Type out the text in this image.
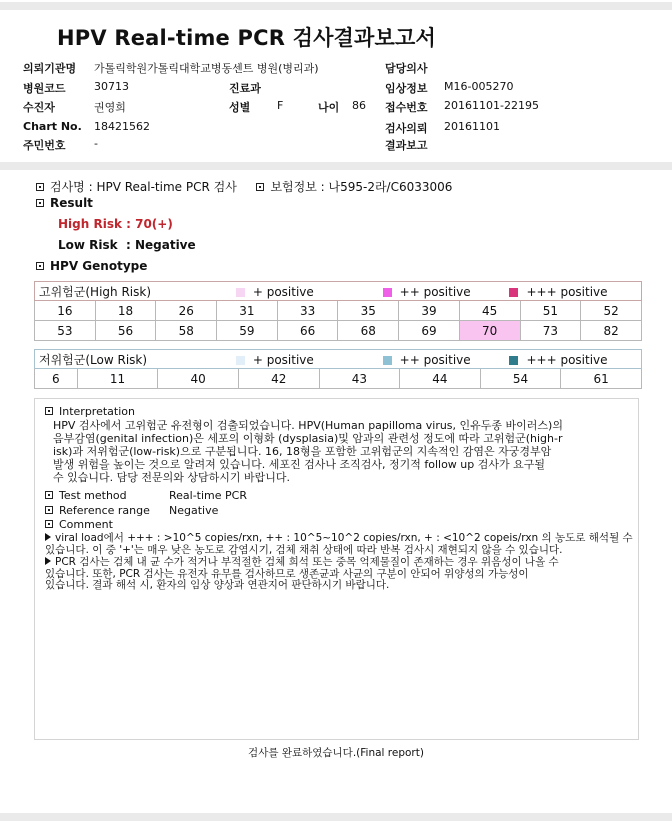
HPV Real-time PCR 검사결과보고서
의뢰기관명 가톨릭학원가톨릭대학교병동센트 병원(병리과)	담당의사
병원코드	30713	진료과	임상정보 M16-005270
수진자	권영희	성별 F	나이 86 접수번호 20161101-22195
Chart No. 18421562	검사의뢰 20161101
주민번호	-	결과보고
검사명 : HPV Real-time PCR 검사	보험정보 : 나595-2라/C6033006
Result
High Risk : 70(+)
Low Risk  : Negative
HPV Genotype
고위험군(High Risk) + positive ++ positive +++ positive									
16	18	26	31	33	35	39	45	51	52
53	56	58	59	66	68	69	70	73	82
저위험군(Low Risk)	+ positive	++ positive	+++ positive
6	11	40	42	43	44	54	61
Interpretation
HPV 검사에서 고위험군 유전형이 검출되었습니다. HPV(Human papilloma virus, 인유두종 바이러스)의
음부감염(genital infection)은 세포의 이형화 (dysplasia)및 암과의 관련성 정도에 따라 고위험군(high-r
isk)과 저위험군(low-risk)으로 구분됩니다. 16, 18형을 포함한 고위험군의 지속적인 감염은 자궁경부암
발생 위험을 높이는 것으로 알려져 있습니다. 세포진 검사나 조직검사, 정기적 follow up 검사가 요구될
수 있습니다. 담당 전문의와 상담하시기 바랍니다.
Test method	Real-time PCR
Reference range Negative
Comment
viral load에서 +++ : >10^5 copies/rxn, ++ : 10^5~10^2 copies/rxn, + : <10^2 copeis/rxn 의 농도로 해석될 수
있습니다. 이 중 '+'는 매우 낮은 농도로 감염시기, 검체 채취 상태에 따라 반복 검사시 재현되지 않을 수 있습니다.
PCR 검사는 검체 내 균 수가 적거나 부적절한 검체 희석 또는 중목 억제물질이 존재하는 경우 위음성이 나올 수
있습니다. 또한, PCR 검사는 유전자 유무를 검사하므로 생존균과 사균의 구분이 안되어 위양성의 가능성이
있습니다. 결과 해석 시, 환자의 임상 양상과 연관지어 판단하시기 바랍니다.
검사를 완료하였습니다.(Final report)
